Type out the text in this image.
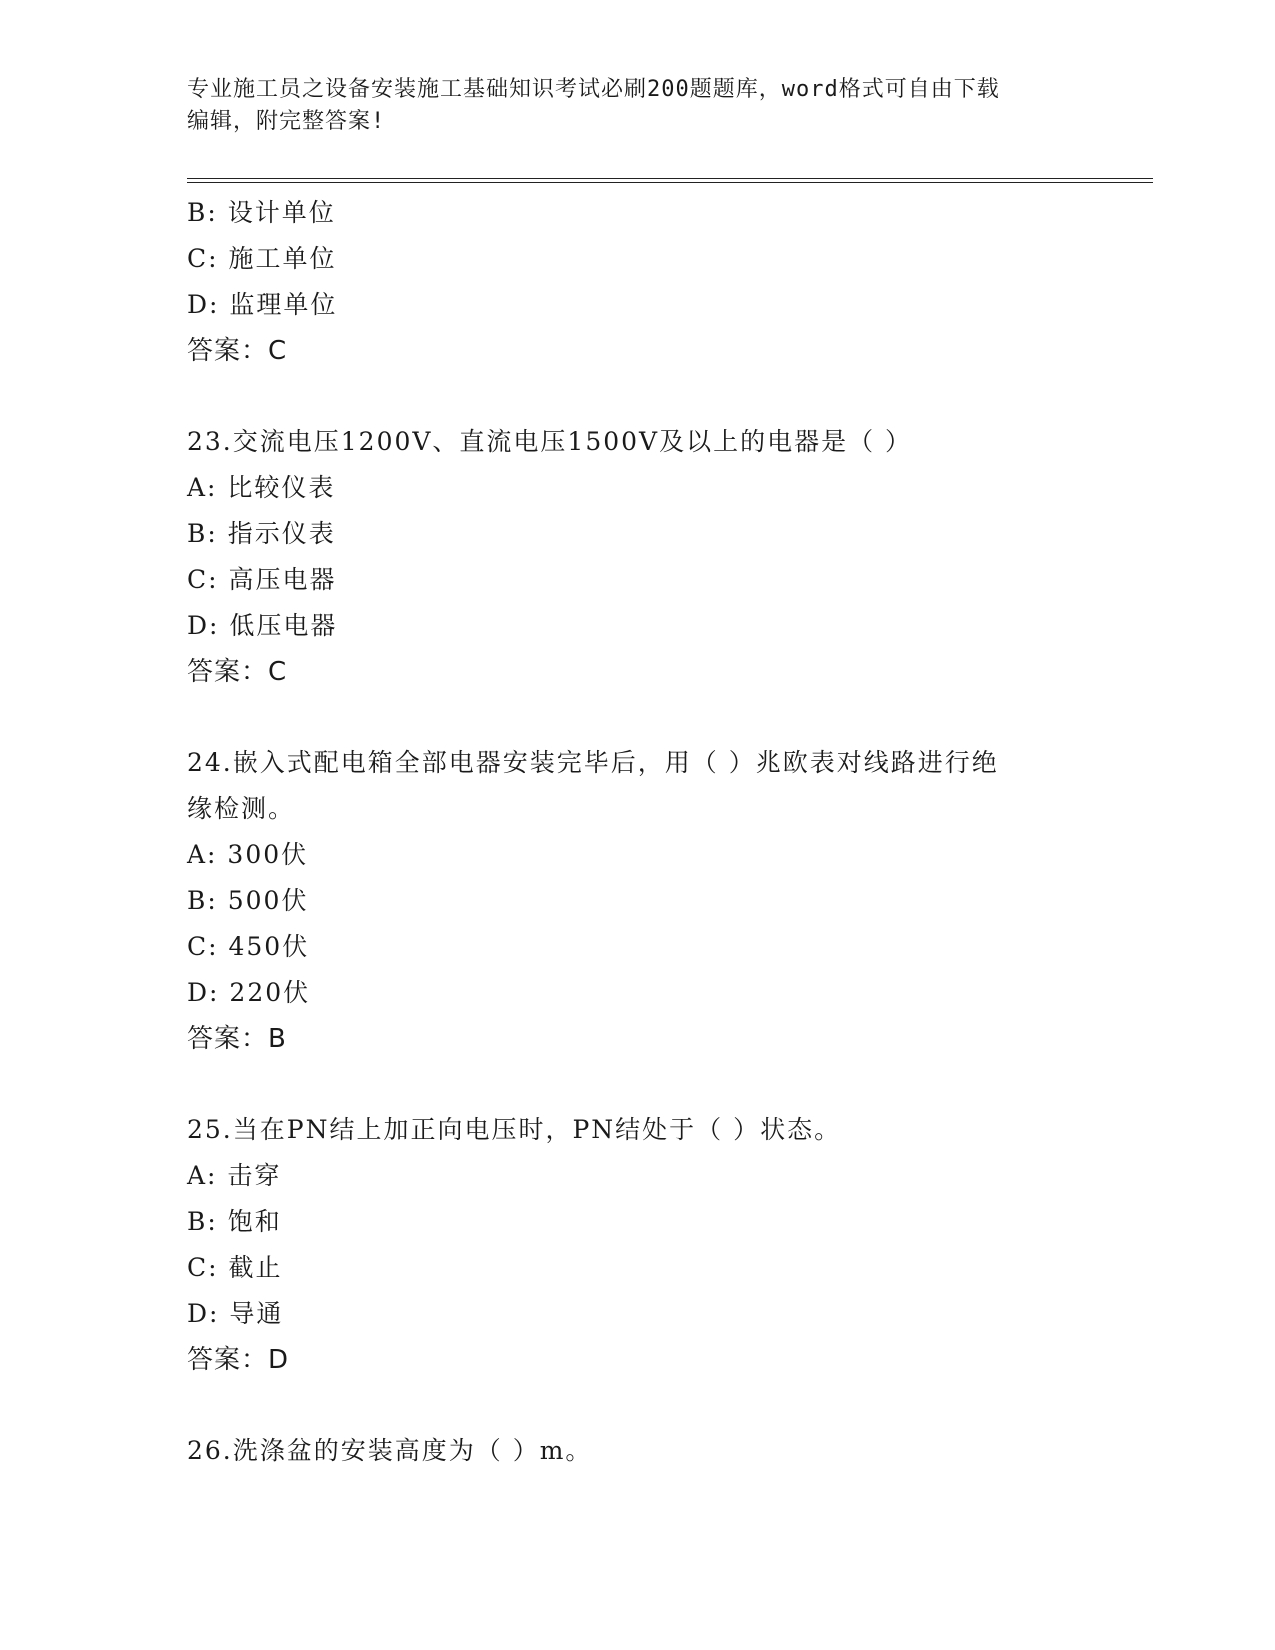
专业施工员之设备安装施工基础知识考试必刷200题题库，word格式可自由下载
编辑，附完整答案!
B: 设计单位
C: 施工单位
D: 监理单位
答案：C
23.交流电压1200V、直流电压1500V及以上的电器是（ ）
A: 比较仪表
B: 指示仪表
C: 高压电器
D: 低压电器
答案：C
24.嵌入式配电箱全部电器安装完毕后，用（ ）兆欧表对线路进行绝
缘检测。
A: 300伏
B: 500伏
C: 450伏
D: 220伏
答案：B
25.当在PN结上加正向电压时，PN结处于（ ）状态。
A: 击穿
B: 饱和
C: 截止
D: 导通
答案：D
26.洗涤盆的安装高度为（ ）m。
